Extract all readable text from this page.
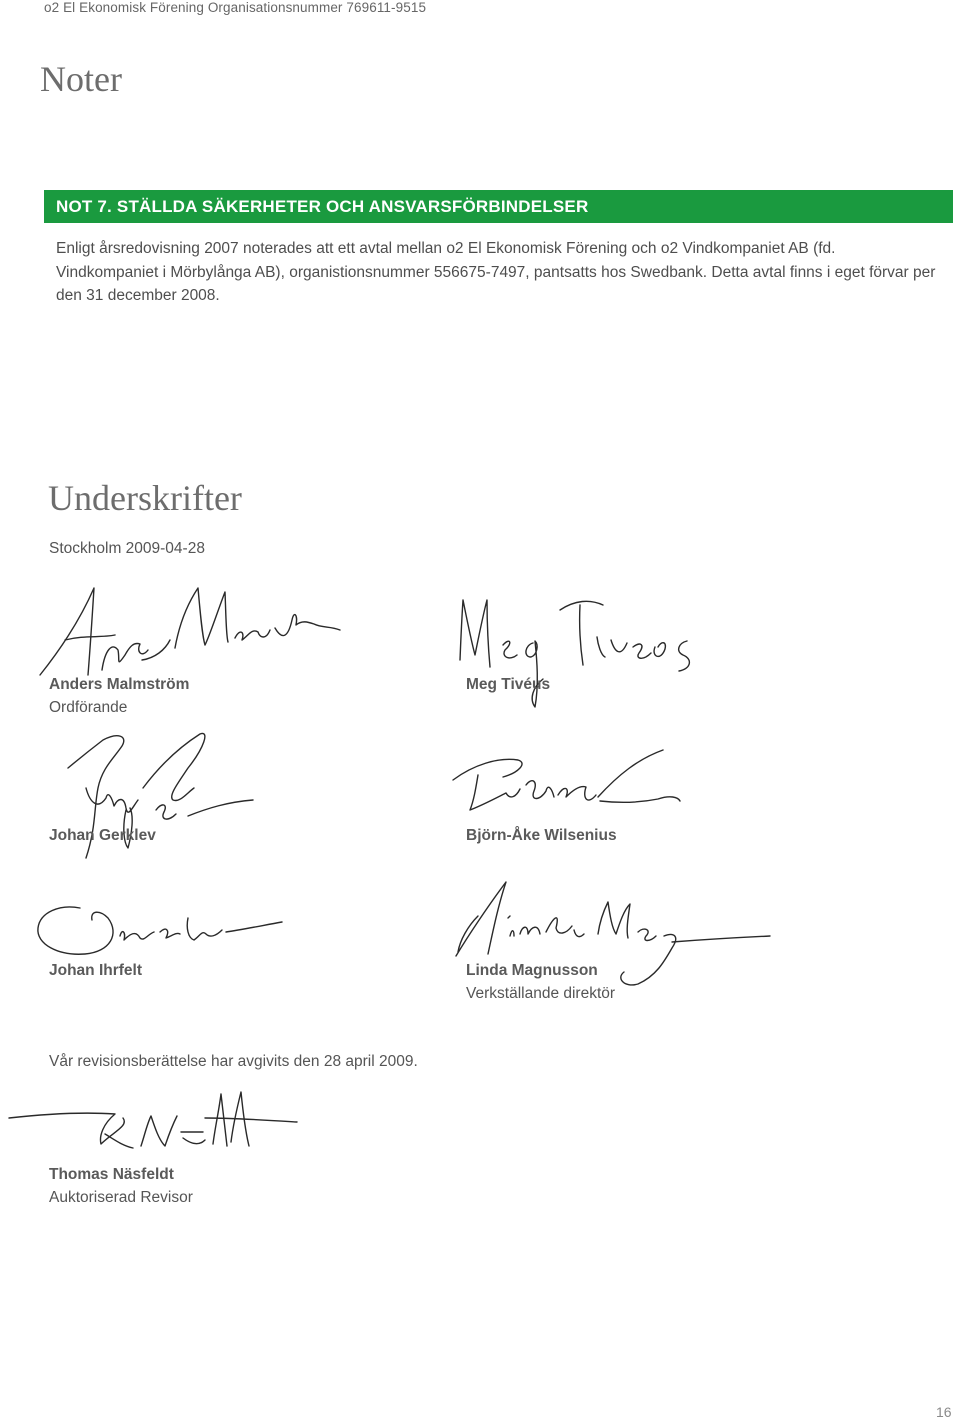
o2 El Ekonomisk Förening Organisationsnummer 769611-9515
Noter
NOT 7. STÄLLDA SÄKERHETER OCH ANSVARSFÖRBINDELSER

Enligt årsredovisning 2007 noterades att ett avtal mellan o2 El Ekonomisk Förening och o2 Vindkompaniet AB (fd. Vindkompaniet i Mörbylånga AB), organistionsnummer 556675-7497, pantsatts hos Swedbank. Detta avtal finns i eget förvar per den 31 december 2008.

Underskrifter
Stockholm 2009-04-28
Anders Malmström
Ordförande
Meg Tivéus
Johan Gerklev	Björn-Åke Wilsenius
Johan Ihrfelt	Linda Magnusson
Verkställande direktör
Vår revisionsberättelse har avgivits den 28 april 2009.
Thomas Näsfeldt
Auktoriserad Revisor
16
